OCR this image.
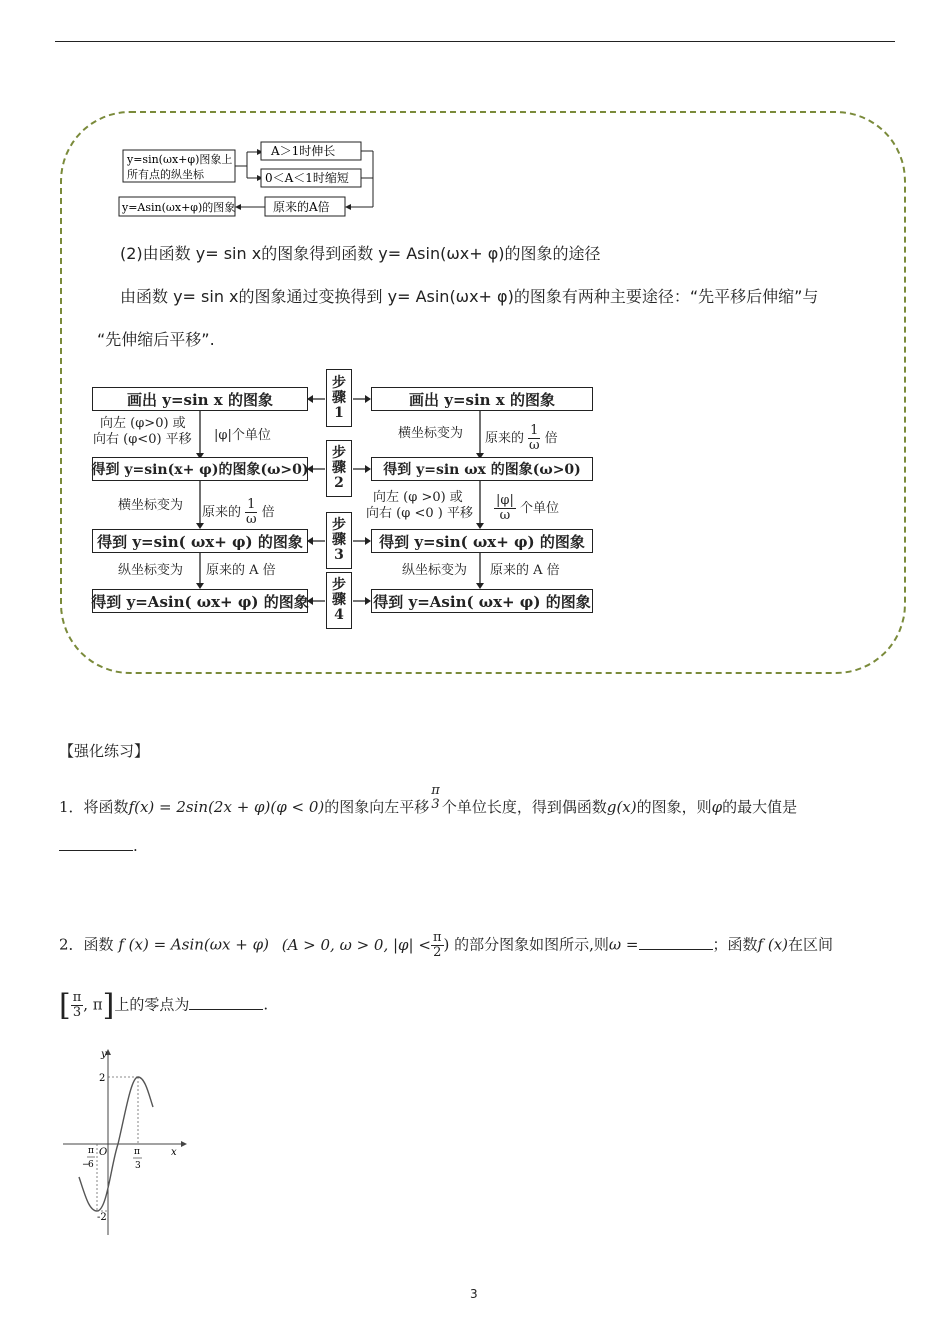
y=sin(ωx+φ)图象上
所有点的纵坐标
A＞1时伸长
0＜A＜1时缩短
原来的A倍
y=Asin(ωx+φ)的图象
(2)由函数 y= sin x的图象得到函数 y= Asin(ωx+ φ)的图象的途径
由函数 y= sin x的图象通过变换得到 y= Asin(ωx+ φ)的图象有两种主要途径：“先平移后伸缩”与
“先伸缩后平移”.
画出 y=sin x 的图象
得到 y=sin(x+ φ)的图象(ω>0)
得到 y=sin( ωx+ φ) 的图象
得到 y=Asin( ωx+ φ) 的图象
画出 y=sin x 的图象
得到 y=sin ωx 的图象(ω>0)
得到 y=sin( ωx+ φ) 的图象
得到 y=Asin( ωx+ φ) 的图象
步骤
1
步骤
2
步骤
3
步骤
4
向左 (φ>0) 或
向右 (φ<0) 平移 |φ|个单位
横坐标变为 原来的 $\frac{1}{\omega}$ 倍
纵坐标变为 原来的 A 倍
横坐标变为 原来的 $\frac{1}{\omega}$ 倍
向左 (φ >0) 或
向右 (φ <0 ) 平移 $\frac{|\varphi|}{\omega}$ 个单位
纵坐标变为 原来的 A 倍
【强化练习】
1．将函数f(x) = 2sin(2x + φ)(φ < 0)的图象向左平移
π
3 个单位长度，得到偶函数g(x)的图象，则φ的最大值是
.
2．函数 f (x) = Asin(ωx + φ) (A > 0, ω > 0, $|\varphi| < \frac{\pi}{2}$ ) 的部分图象如图所示,则ω =	；函数f (x)在区间
[ $\frac{\pi}{3}$ , π]上的零点为	.
y
x
2
-2
O
π
−
6
π
3
3
